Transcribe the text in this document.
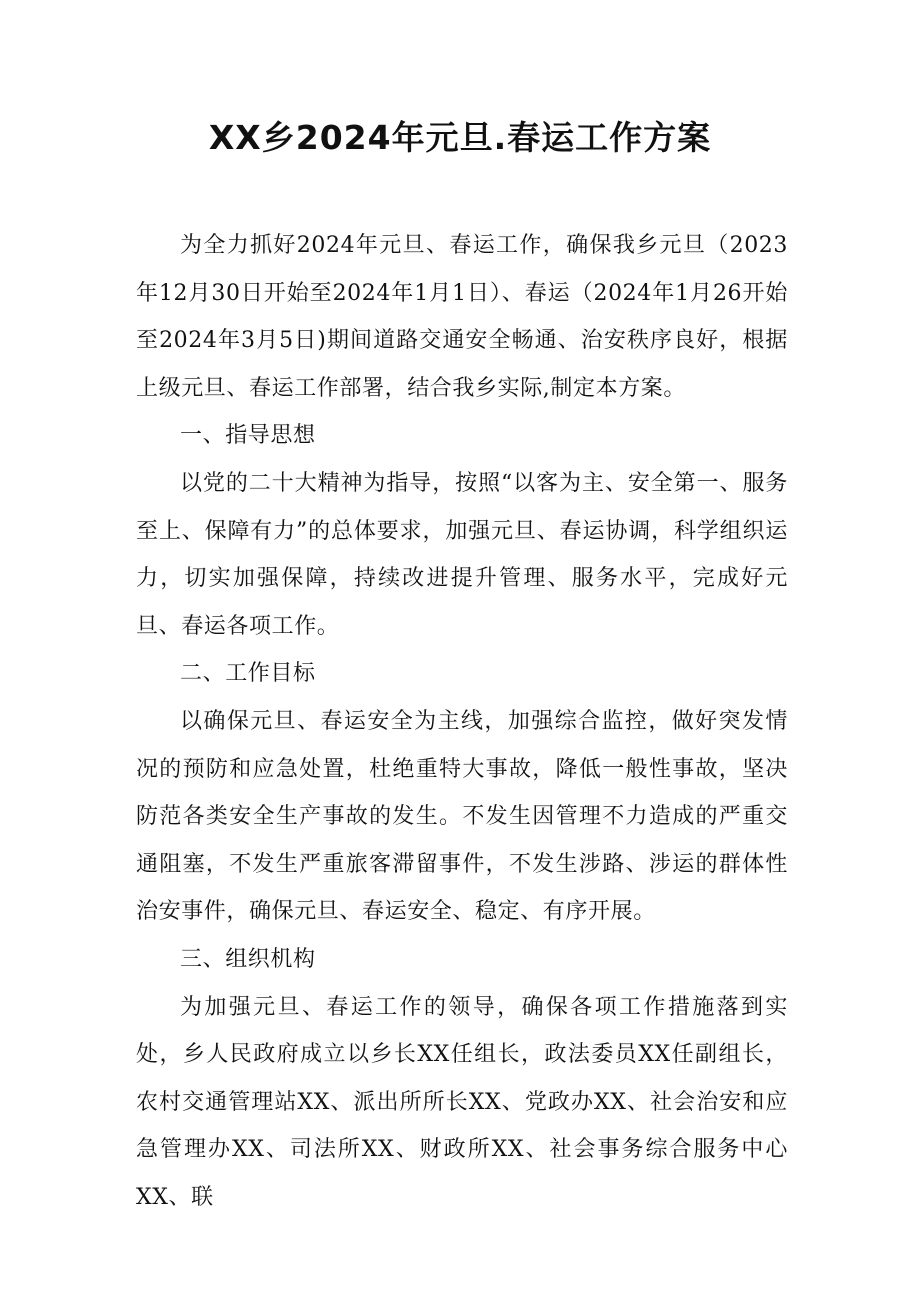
XX乡2024年元旦.春运工作方案

为全力抓好2024年元旦、春运工作，确保我乡元旦（2023年12月30日开始至2024年1月1日）、春运（2024年1月26开始至2024年3月5日)期间道路交通安全畅通、治安秩序良好，根据上级元旦、春运工作部署，结合我乡实际,制定本方案。

一、指导思想

以党的二十大精神为指导，按照“以客为主、安全第一、服务至上、保障有力”的总体要求，加强元旦、春运协调，科学组织运力，切实加强保障，持续改进提升管理、服务水平，完成好元旦、春运各项工作。

二、工作目标

以确保元旦、春运安全为主线，加强综合监控，做好突发情况的预防和应急处置，杜绝重特大事故，降低一般性事故，坚决防范各类安全生产事故的发生。不发生因管理不力造成的严重交通阻塞，不发生严重旅客滞留事件，不发生涉路、涉运的群体性治安事件，确保元旦、春运安全、稳定、有序开展。

三、组织机构

为加强元旦、春运工作的领导，确保各项工作措施落到实处，乡人民政府成立以乡长XX任组长，政法委员XX任副组长，农村交通管理站XX、派出所所长XX、党政办XX、社会治安和应急管理办XX、司法所XX、财政所XX、社会事务综合服务中心XX、联
